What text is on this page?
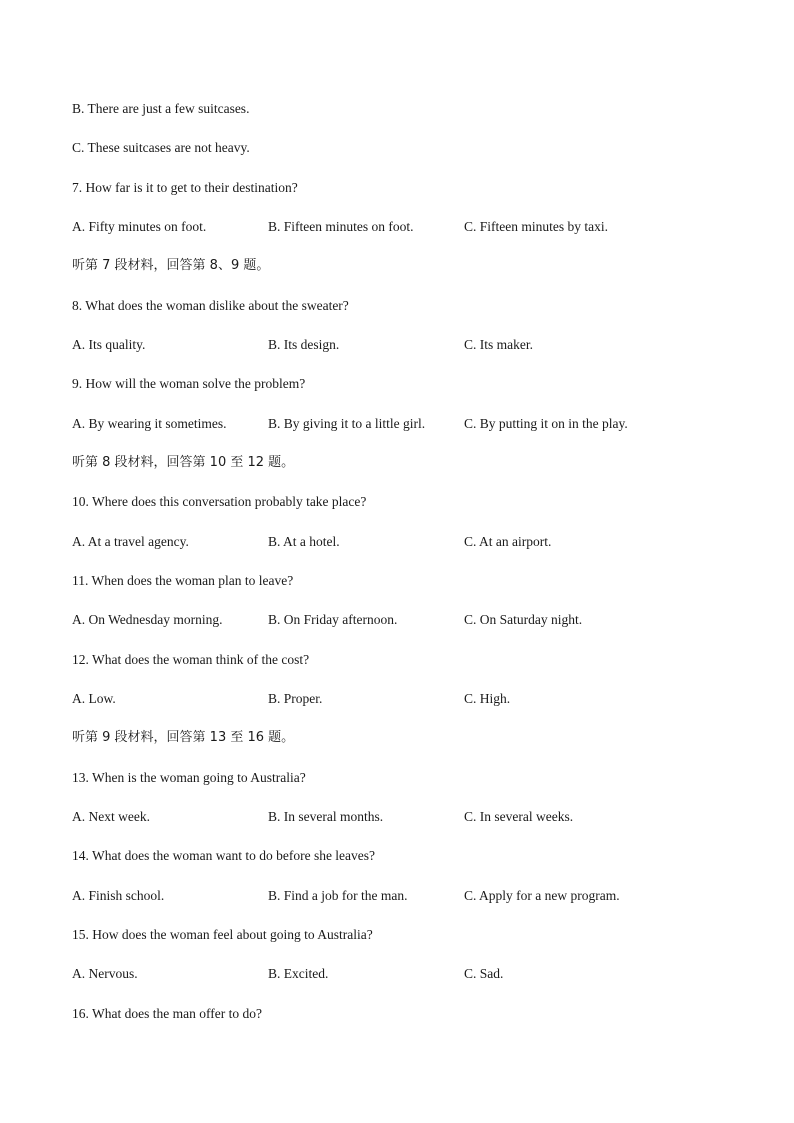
B. There are just a few suitcases.
C. These suitcases are not heavy.
7. How far is it to get to their destination?
A. Fifty minutes on foot.	B. Fifteen minutes on foot.	C. Fifteen minutes by taxi.
听第 7 段材料，回答第 8、9 题。
8. What does the woman dislike about the sweater?
A. Its quality.	B. Its design.	C. Its maker.
9. How will the woman solve the problem?
A. By wearing it sometimes.	B. By giving it to a little girl.	C. By putting it on in the play.
听第 8 段材料，回答第 10 至 12 题。
10. Where does this conversation probably take place?
A. At a travel agency.	B. At a hotel.	C. At an airport.
11. When does the woman plan to leave?
A. On Wednesday morning.	B. On Friday afternoon.	C. On Saturday night.
12. What does the woman think of the cost?
A. Low.	B. Proper.	C. High.
听第 9 段材料，回答第 13 至 16 题。
13. When is the woman going to Australia?
A. Next week.	B. In several months.	C. In several weeks.
14. What does the woman want to do before she leaves?
A. Finish school.	B. Find a job for the man.	C. Apply for a new program.
15. How does the woman feel about going to Australia?
A. Nervous.	B. Excited.	C. Sad.
16. What does the man offer to do?
